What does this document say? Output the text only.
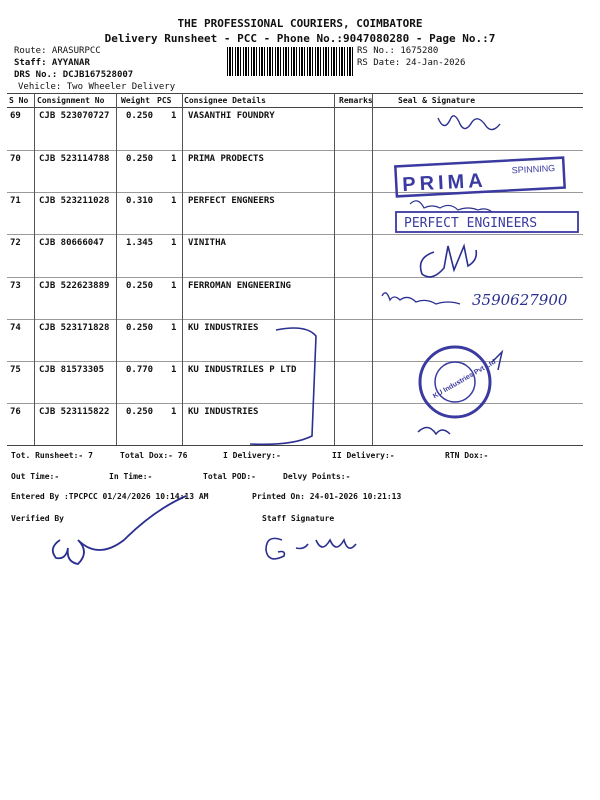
THE PROFESSIONAL COURIERS, COIMBATORE
Delivery Runsheet - PCC - Phone No.:9047080280 - Page No.:7
Route: ARASURPCC
Staff: AYYANAR
DRS No.: DCJB167528007
Vehicle: Two Wheeler Delivery
RS No.: 1675280
RS Date: 24-Jan-2026
S No Consignment No Weight PCS Consignee Details	Remarks	Seal & Signature
69 CJB 523070727 0.250 1 VASANTHI FOUNDRY
70 CJB 523114788 0.250 1 PRIMA PRODECTS
71 CJB 523211028 0.310 1 PERFECT ENGNEERS
72 CJB 80666047 1.345 1 VINITHA
73 CJB 522623889 0.250 1 FERROMAN ENGNEERING
74 CJB 523171828 0.250 1 KU INDUSTRIES
75 CJB 81573305 0.770 1 KU INDUSTRILES P LTD
76 CJB 523115822 0.250 1 KU INDUSTRIES
PRIMA
SPINNING
PERFECT ENGINEERS
3590627900
KU Industries Pvt Ltd
Tot. Runsheet:- 7	Total Dox:- 76	I Delivery:-	II Delivery:-	RTN Dox:-
Out Time:-	In Time:-	Total POD:-	Delvy Points:-
Entered By :TPCPCC 01/24/2026 10:14:13 AM	Printed On: 24-01-2026 10:21:13
Verified By	Staff Signature
